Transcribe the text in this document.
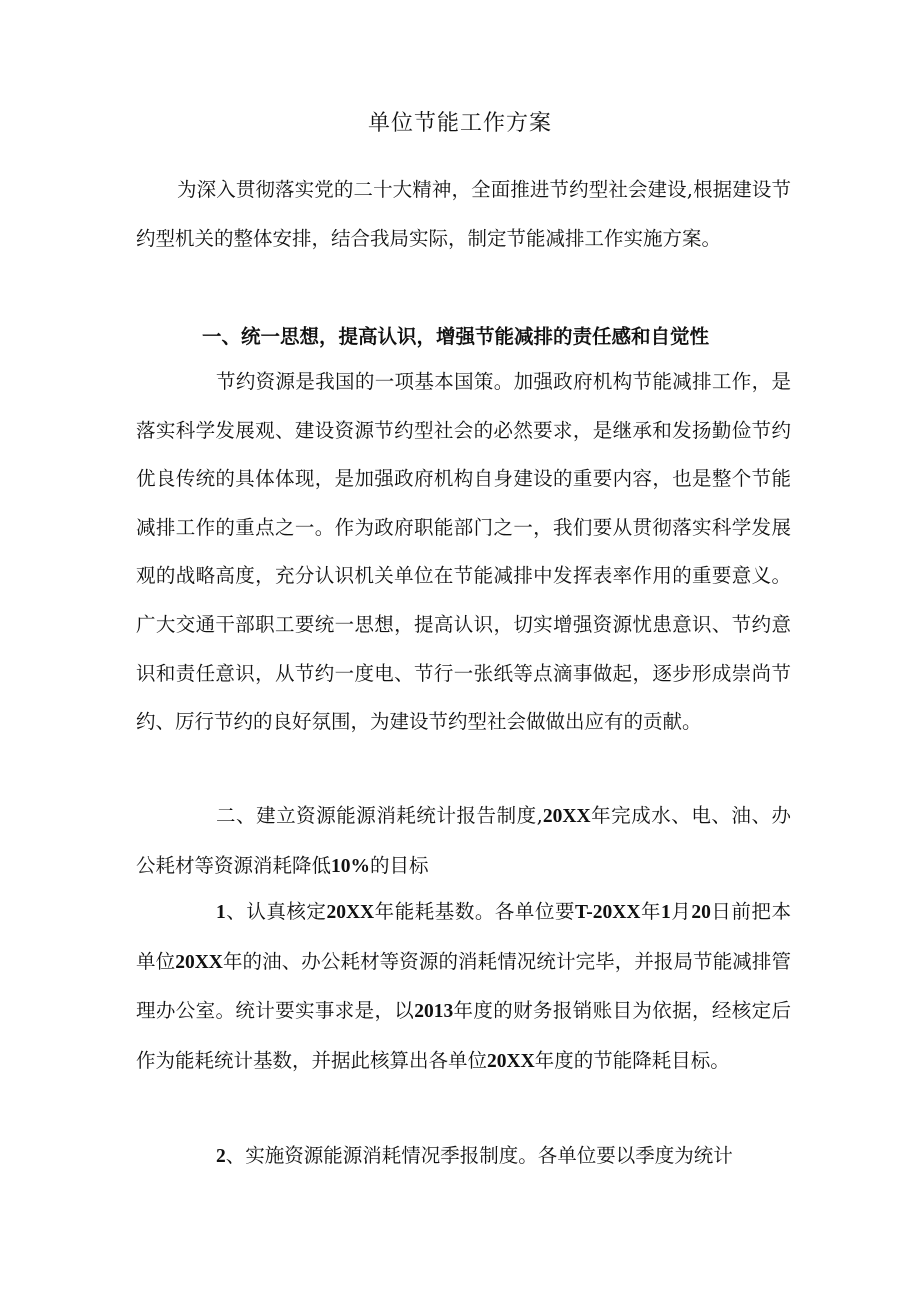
单位节能工作方案

为深入贯彻落实党的二十大精神，全面推进节约型社会建设,根据建设节约型机关的整体安排，结合我局实际，制定节能减排工作实施方案。

一、统一思想，提高认识，增强节能减排的责任感和自觉性

节约资源是我国的一项基本国策。加强政府机构节能减排工作，是落实科学发展观、建设资源节约型社会的必然要求，是继承和发扬勤俭节约优良传统的具体体现，是加强政府机构自身建设的重要内容，也是整个节能减排工作的重点之一。作为政府职能部门之一，我们要从贯彻落实科学发展观的战略高度，充分认识机关单位在节能减排中发挥表率作用的重要意义。广大交通干部职工要统一思想，提高认识，切实增强资源忧患意识、节约意识和责任意识，从节约一度电、节行一张纸等点滴事做起，逐步形成崇尚节约、厉行节约的良好氛围，为建设节约型社会做做出应有的贡献。

二、建立资源能源消耗统计报告制度,20XX年完成水、电、油、办公耗材等资源消耗降低10%的目标

1、认真核定20XX年能耗基数。各单位要T-20XX年1月20日前把本单位20XX年的油、办公耗材等资源的消耗情况统计完毕，并报局节能减排管理办公室。统计要实事求是，以2013年度的财务报销账目为依据，经核定后作为能耗统计基数，并据此核算出各单位20XX年度的节能降耗目标。

2、实施资源能源消耗情况季报制度。各单位要以季度为统计
